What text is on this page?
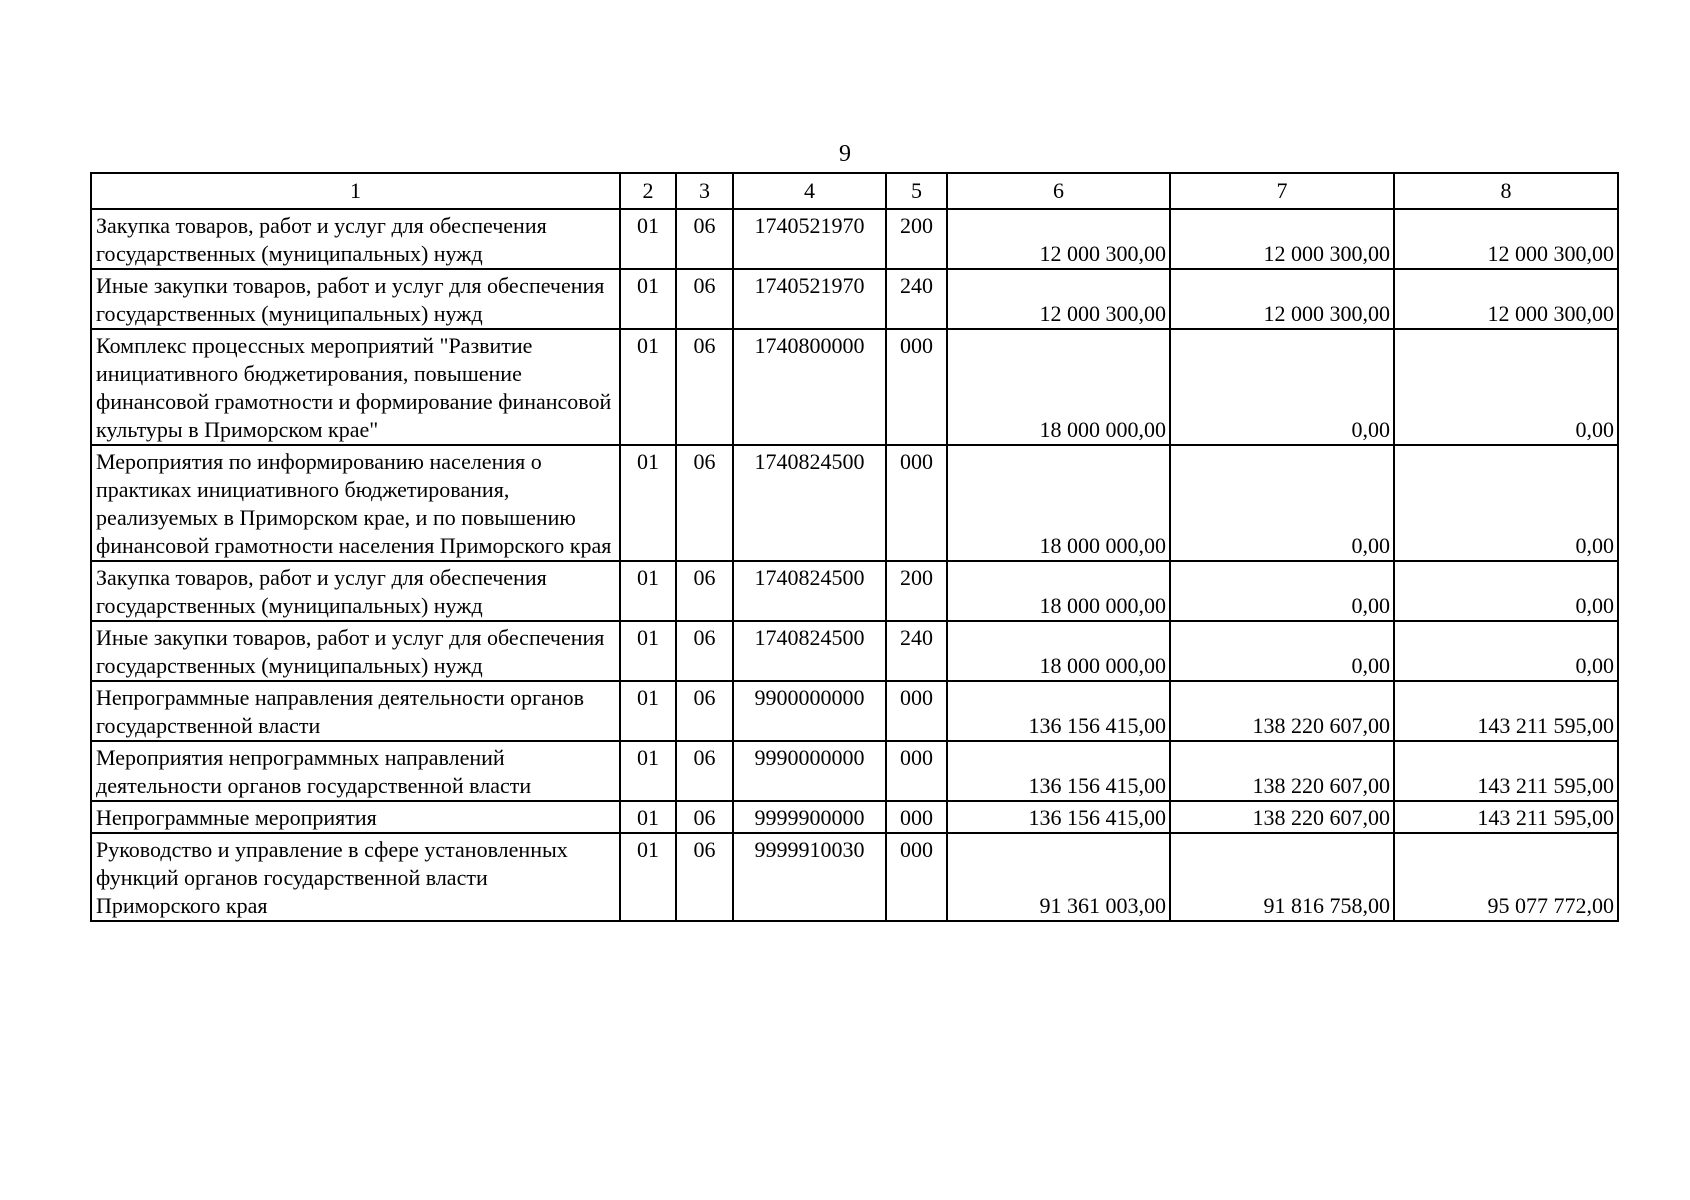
9
1	2	3	4	5	6	7	8
Закупка товаров, работ и услуг для обеспечения государственных (муниципальных) нужд	01	06	1740521970	200	12 000 300,00	12 000 300,00	12 000 300,00
Иные закупки товаров, работ и услуг для обеспечения государственных (муниципальных) нужд	01	06	1740521970	240	12 000 300,00	12 000 300,00	12 000 300,00
Комплекс процессных мероприятий "Развитие инициативного бюджетирования, повышение финансовой грамотности и формирование финансовой культуры в Приморском крае"	01	06	1740800000	000	18 000 000,00	0,00	0,00
Мероприятия по информированию населения о практиках инициативного бюджетирования, реализуемых в Приморском крае, и по повышению финансовой грамотности населения Приморского края	01	06	1740824500	000	18 000 000,00	0,00	0,00
Закупка товаров, работ и услуг для обеспечения государственных (муниципальных) нужд	01	06	1740824500	200	18 000 000,00	0,00	0,00
Иные закупки товаров, работ и услуг для обеспечения государственных (муниципальных) нужд	01	06	1740824500	240	18 000 000,00	0,00	0,00
Непрограммные направления деятельности органов государственной власти	01	06	9900000000	000	136 156 415,00	138 220 607,00	143 211 595,00
Мероприятия непрограммных направлений деятельности органов государственной власти	01	06	9990000000	000	136 156 415,00	138 220 607,00	143 211 595,00
Непрограммные мероприятия	01	06	9999900000	000	136 156 415,00	138 220 607,00	143 211 595,00
Руководство и управление в сфере установленных функций органов государственной власти Приморского края	01	06	9999910030	000	91 361 003,00	91 816 758,00	95 077 772,00
